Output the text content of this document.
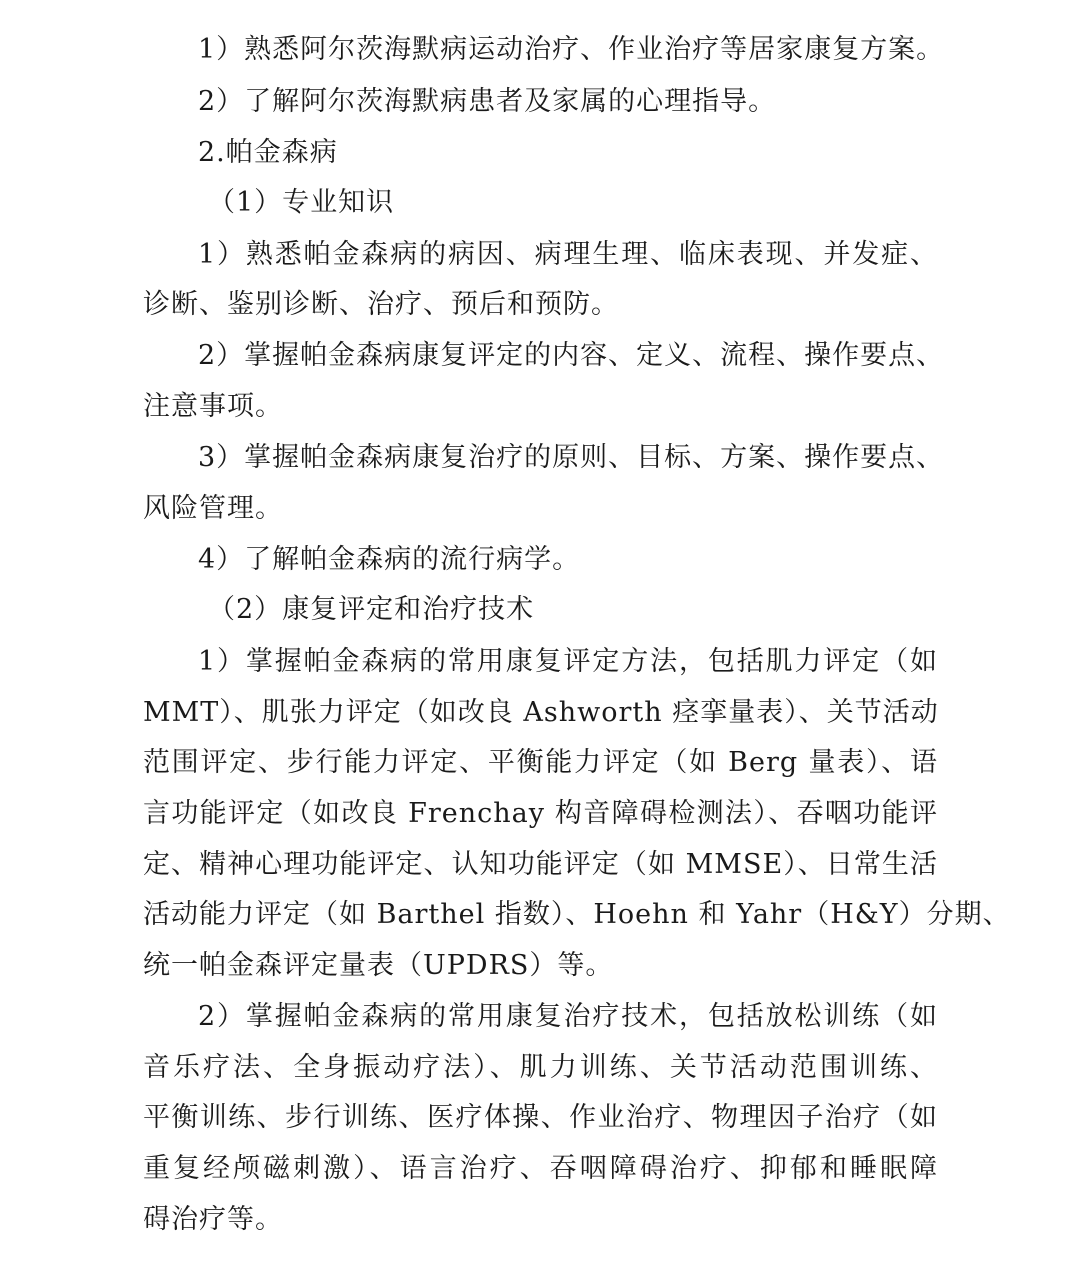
1）熟悉阿尔茨海默病运动治疗、作业治疗等居家康复方案。
2）了解阿尔茨海默病患者及家属的心理指导。
2.帕金森病
（1）专业知识
1）熟悉帕金森病的病因、病理生理、临床表现、并发症、
诊断、鉴别诊断、治疗、预后和预防。
2）掌握帕金森病康复评定的内容、定义、流程、操作要点、
注意事项。
3）掌握帕金森病康复治疗的原则、目标、方案、操作要点、
风险管理。
4）了解帕金森病的流行病学。
（2）康复评定和治疗技术
1）掌握帕金森病的常用康复评定方法，包括肌力评定（如
MMT）、肌张力评定（如改良 Ashworth 痉挛量表）、关节活动
范围评定、步行能力评定、平衡能力评定（如 Berg 量表）、语
言功能评定（如改良 Frenchay 构音障碍检测法）、吞咽功能评
定、精神心理功能评定、认知功能评定（如 MMSE）、日常生活
活动能力评定（如 Barthel 指数）、Hoehn 和 Yahr（H&Y）分期、
统一帕金森评定量表（UPDRS）等。
2）掌握帕金森病的常用康复治疗技术，包括放松训练（如
音乐疗法、全身振动疗法）、肌力训练、关节活动范围训练、
平衡训练、步行训练、医疗体操、作业治疗、物理因子治疗（如
重复经颅磁刺激）、语言治疗、吞咽障碍治疗、抑郁和睡眠障
碍治疗等。
